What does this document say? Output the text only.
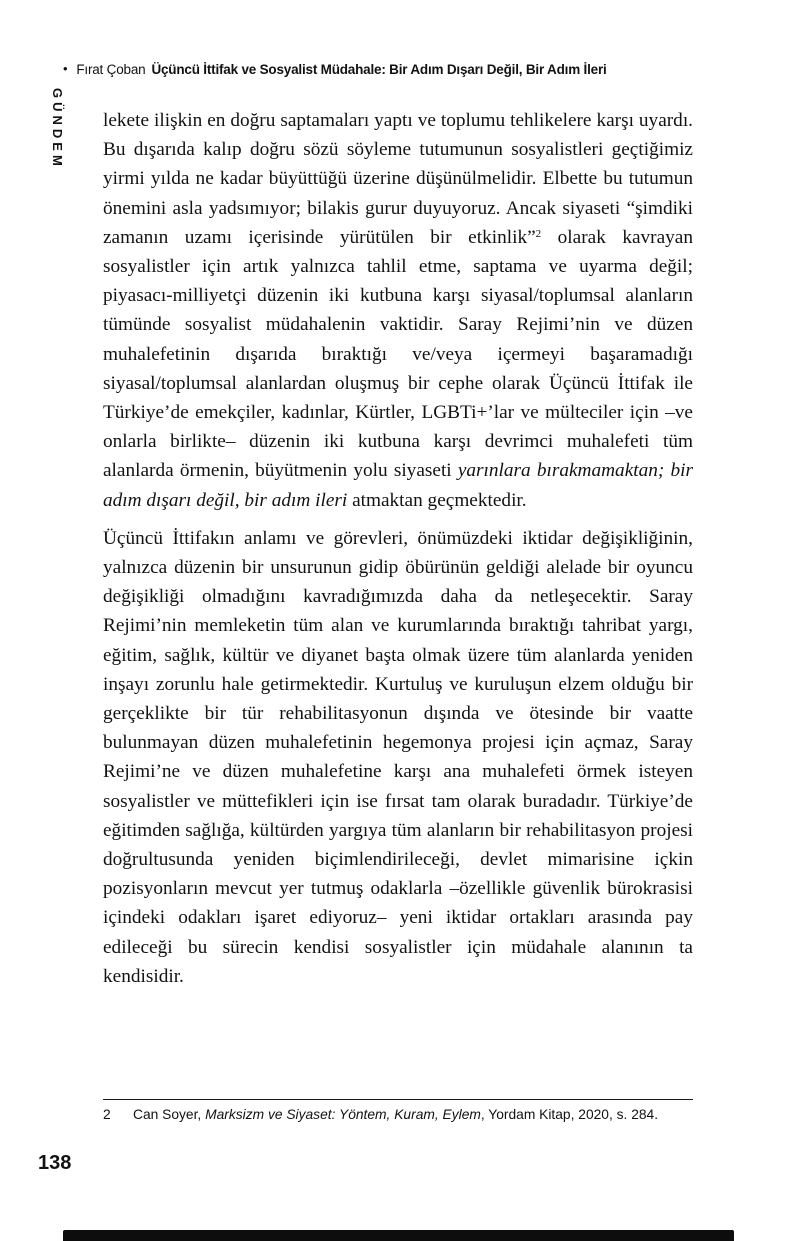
• Fırat Çoban Üçüncü İttifak ve Sosyalist Müdahale: Bir Adım Dışarı Değil, Bir Adım İleri
GÜNDEM lekete ilişkin en doğru saptamaları yaptı ve toplumu tehlikelere karşı uyardı. Bu dışarıda kalıp doğru sözü söyleme tutumunun sosyalistleri geçtiğimiz yirmi yılda ne kadar büyüttüğü üzerine düşünülmelidir. Elbette bu tutumun önemini asla yadsımıyor; bilakis gurur duyuyoruz. Ancak siyaseti “şimdiki zamanın uzamı içerisinde yürütülen bir etkinlik”$^2$ olarak kavrayan sosyalistler için artık yalnızca tahlil etme, saptama ve uyarma değil; piyasacı-milliyetçi düzenin iki kutbuna karşı siyasal/toplumsal alanların tümünde sosyalist müdahalenin vaktidir. Saray Rejimi’nin ve düzen muhalefetinin dışarıda bıraktığı ve/veya içermeyi başaramadığı siyasal/toplumsal alanlardan oluşmuş bir cephe olarak Üçüncü İttifak ile Türkiye’de emekçiler, kadınlar, Kürtler, LGBTi+’lar ve mülteciler için –ve onlarla birlikte– düzenin iki kutbuna karşı devrimci muhalefeti tüm alanlarda örmenin, büyütmenin yolu siyaseti yarınlara bırakmamaktan; bir adım dışarı değil, bir adım ileri atmaktan geçmektedir.

Üçüncü İttifakın anlamı ve görevleri, önümüzdeki iktidar değişikliğinin, yalnızca düzenin bir unsurunun gidip öbürünün geldiği alelade bir oyuncu değişikliği olmadığını kavradığımızda daha da netleşecektir. Saray Rejimi’nin memleketin tüm alan ve kurumlarında bıraktığı tahribat yargı, eğitim, sağlık, kültür ve diyanet başta olmak üzere tüm alanlarda yeniden inşayı zorunlu hale getirmektedir. Kurtuluş ve kuruluşun elzem olduğu bir gerçeklikte bir tür rehabilitasyonun dışında ve ötesinde bir vaatte bulunmayan düzen muhalefetinin hegemonya projesi için açmaz, Saray Rejimi’ne ve düzen muhalefetine karşı ana muhalefeti örmek isteyen sosyalistler ve müttefikleri için ise fırsat tam olarak buradadır. Türkiye’de eğitimden sağlığa, kültürden yargıya tüm alanların bir rehabilitasyon projesi doğrultusunda yeniden biçimlendirileceği, devlet mimarisine içkin pozisyonların mevcut yer tutmuş odaklarla –özellikle güvenlik bürokrasisi içindeki odakları işaret ediyoruz– yeni iktidar ortakları arasında pay edileceği bu sürecin kendisi sosyalistler için müdahale alanının ta kendisidir.

2 Can Soyer, Marksizm ve Siyaset: Yöntem, Kuram, Eylem, Yordam Kitap, 2020, s. 284.
138
